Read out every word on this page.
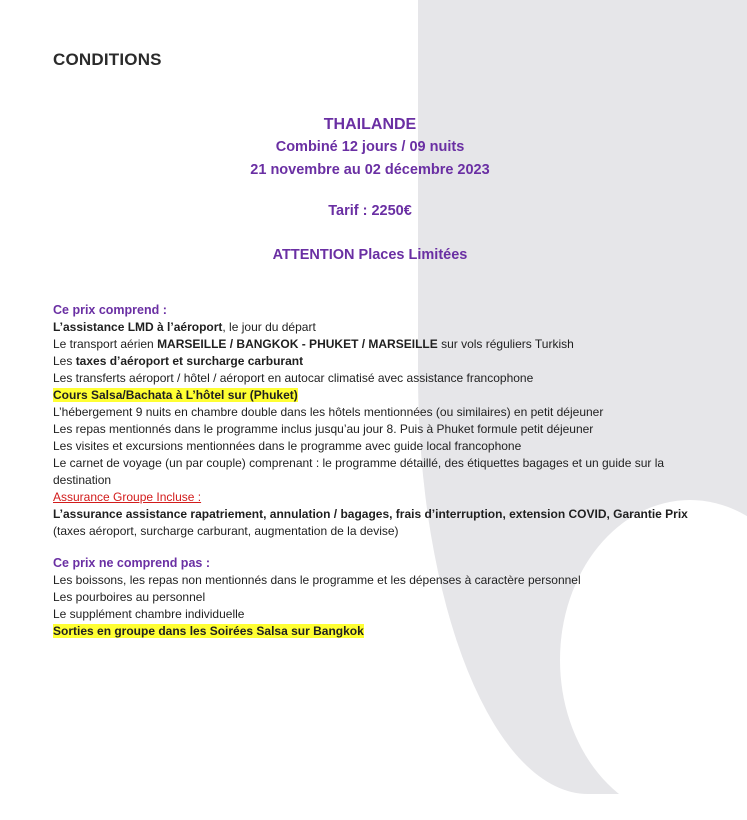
CONDITIONS
THAILANDE
Combiné 12 jours / 09 nuits
21 novembre au 02 décembre 2023
Tarif : 2250€
ATTENTION Places Limitées
Ce prix comprend :
L’assistance LMD à l’aéroport, le jour du départ
Le transport aérien MARSEILLE / BANGKOK - PHUKET / MARSEILLE sur vols réguliers Turkish
Les taxes d’aéroport et surcharge carburant
Les transferts aéroport / hôtel / aéroport en autocar climatisé avec assistance francophone
Cours Salsa/Bachata à L’hôtel sur (Phuket)
L’hébergement 9 nuits en chambre double dans les hôtels mentionnées (ou similaires) en petit déjeuner
Les repas mentionnés dans le programme inclus jusqu’au jour 8. Puis à Phuket formule petit déjeuner
Les visites et excursions mentionnées dans le programme avec guide local francophone
Le carnet de voyage (un par couple) comprenant : le programme détaillé, des étiquettes bagages et un guide sur la destination
Assurance Groupe Incluse :
L’assurance assistance rapatriement, annulation / bagages, frais d’interruption, extension COVID, Garantie Prix
(taxes aéroport, surcharge carburant, augmentation de la devise)
Ce prix ne comprend pas :
Les boissons, les repas non mentionnés dans le programme et les dépenses à caractère personnel
Les pourboires au personnel
Le supplément chambre individuelle
Sorties en groupe dans les Soirées Salsa sur Bangkok
